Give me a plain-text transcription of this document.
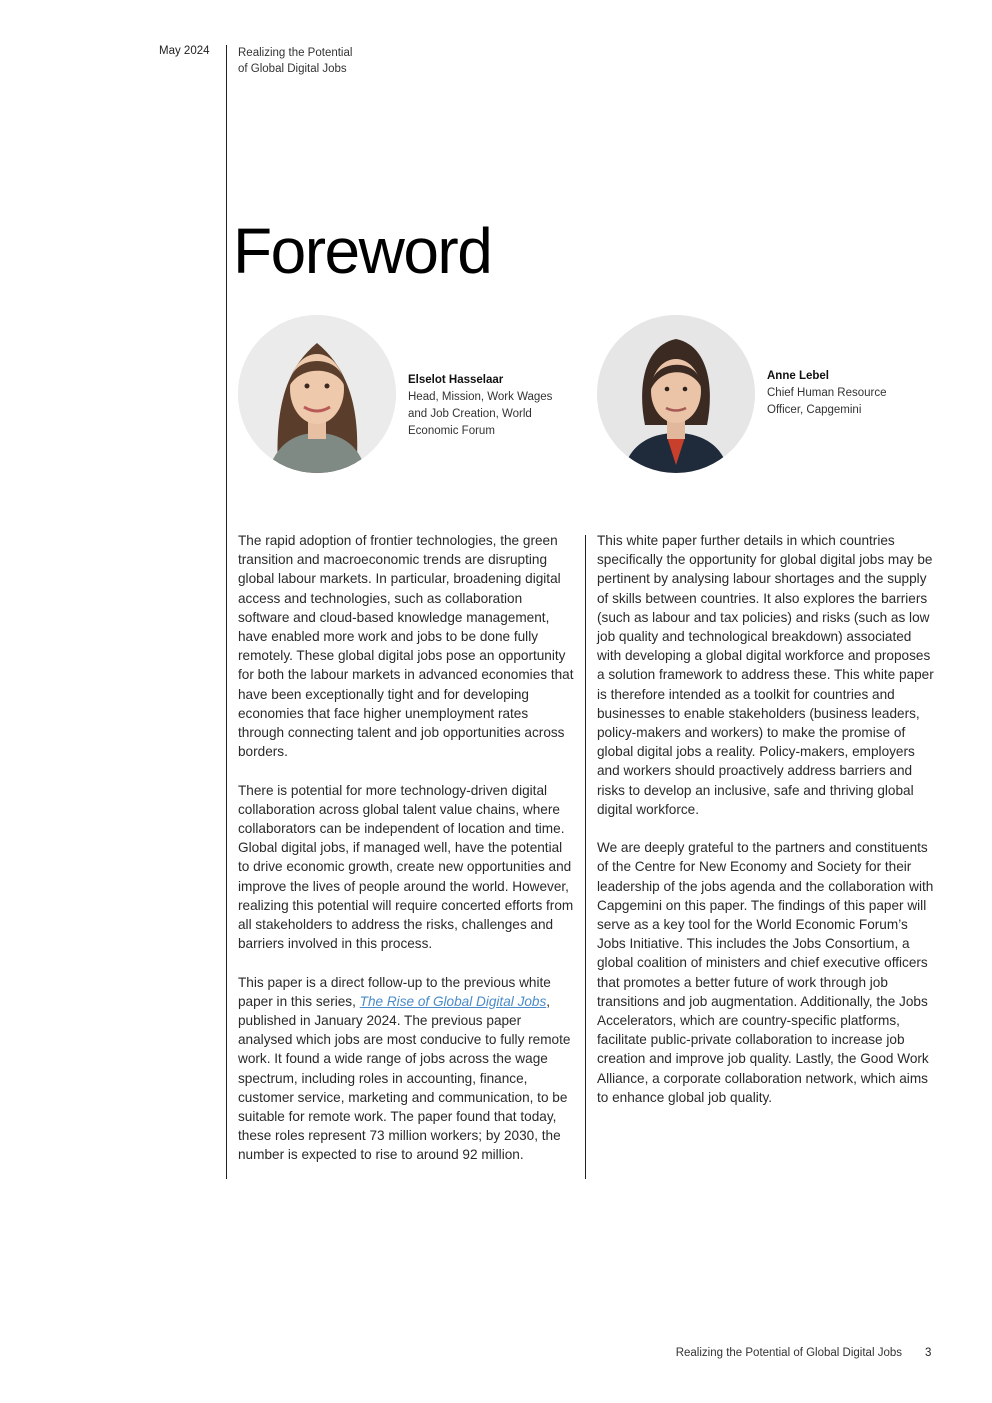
May 2024 Realizing the Potential
of Global Digital Jobs
Foreword
Elselot Hasselaar
Head, Mission, Work Wages and Job Creation, World Economic Forum
Anne Lebel
Chief Human Resource Officer, Capgemini

The rapid adoption of frontier technologies, the green transition and macroeconomic trends are disrupting global labour markets. In particular, broadening digital access and technologies, such as collaboration software and cloud-based knowledge management, have enabled more work and jobs to be done fully remotely. These global digital jobs pose an opportunity for both the labour markets in advanced economies that have been exceptionally tight and for developing economies that face higher unemployment rates through connecting talent and job opportunities across borders.

There is potential for more technology-driven digital collaboration across global talent value chains, where collaborators can be independent of location and time. Global digital jobs, if managed well, have the potential to drive economic growth, create new opportunities and improve the lives of people around the world. However, realizing this potential will require concerted efforts from all stakeholders to address the risks, challenges and barriers involved in this process.

This paper is a direct follow-up to the previous white paper in this series, The Rise of Global Digital Jobs, published in January 2024. The previous paper analysed which jobs are most conducive to fully remote work. It found a wide range of jobs across the wage spectrum, including roles in accounting, finance, customer service, marketing and communication, to be suitable for remote work. The paper found that today, these roles represent 73 million workers; by 2030, the number is expected to rise to around 92 million.

This white paper further details in which countries specifically the opportunity for global digital jobs may be pertinent by analysing labour shortages and the supply of skills between countries. It also explores the barriers (such as labour and tax policies) and risks (such as low job quality and technological breakdown) associated with developing a global digital workforce and proposes a solution framework to address these. This white paper is therefore intended as a toolkit for countries and businesses to enable stakeholders (business leaders, policy-makers and workers) to make the promise of global digital jobs a reality. Policy-makers, employers and workers should proactively address barriers and risks to develop an inclusive, safe and thriving global digital workforce.

We are deeply grateful to the partners and constituents of the Centre for New Economy and Society for their leadership of the jobs agenda and the collaboration with Capgemini on this paper. The findings of this paper will serve as a key tool for the World Economic Forum’s Jobs Initiative. This includes the Jobs Consortium, a global coalition of ministers and chief executive officers that promotes a better future of work through job transitions and job augmentation. Additionally, the Jobs Accelerators, which are country-specific platforms, facilitate public-private collaboration to increase job creation and improve job quality. Lastly, the Good Work Alliance, a corporate collaboration network, which aims to enhance global job quality.

Realizing the Potential of Global Digital Jobs 3
